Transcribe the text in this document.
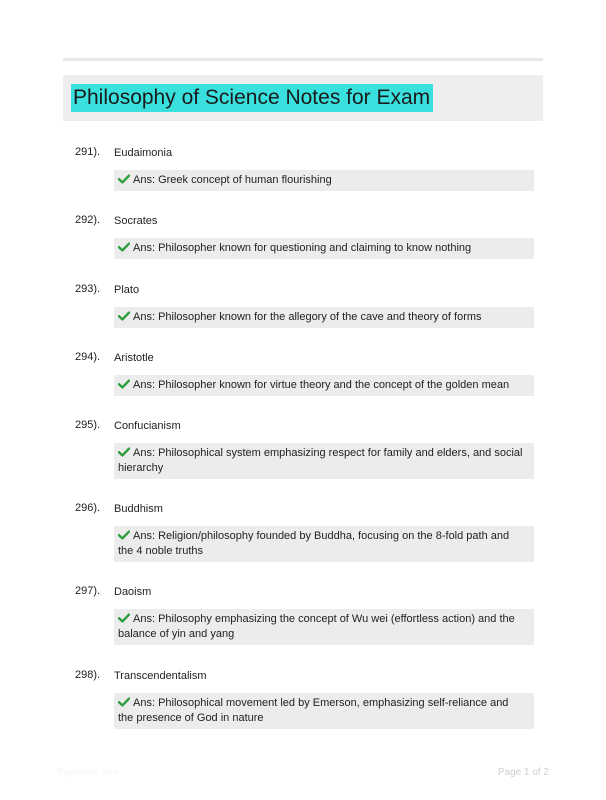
Philosophy of Science Notes for Exam
291). Eudaimonia
Ans: Greek concept of human flourishing
292). Socrates
Ans: Philosopher known for questioning and claiming to know nothing
293). Plato
Ans: Philosopher known for the allegory of the cave and theory of forms
294). Aristotle
Ans: Philosopher known for virtue theory and the concept of the golden mean
295). Confucianism
Ans: Philosophical system emphasizing respect for family and elders, and social hierarchy
296). Buddhism
Ans: Religion/philosophy founded by Buddha, focusing on the 8-fold path and the 4 noble truths
297). Daoism
Ans: Philosophy emphasizing the concept of Wu wei (effortless action) and the balance of yin and yang
298). Transcendentalism
Ans: Philosophical movement led by Emerson, emphasizing self-reliance and the presence of God in nature
Paperfolio.com	Page 1 of 2
